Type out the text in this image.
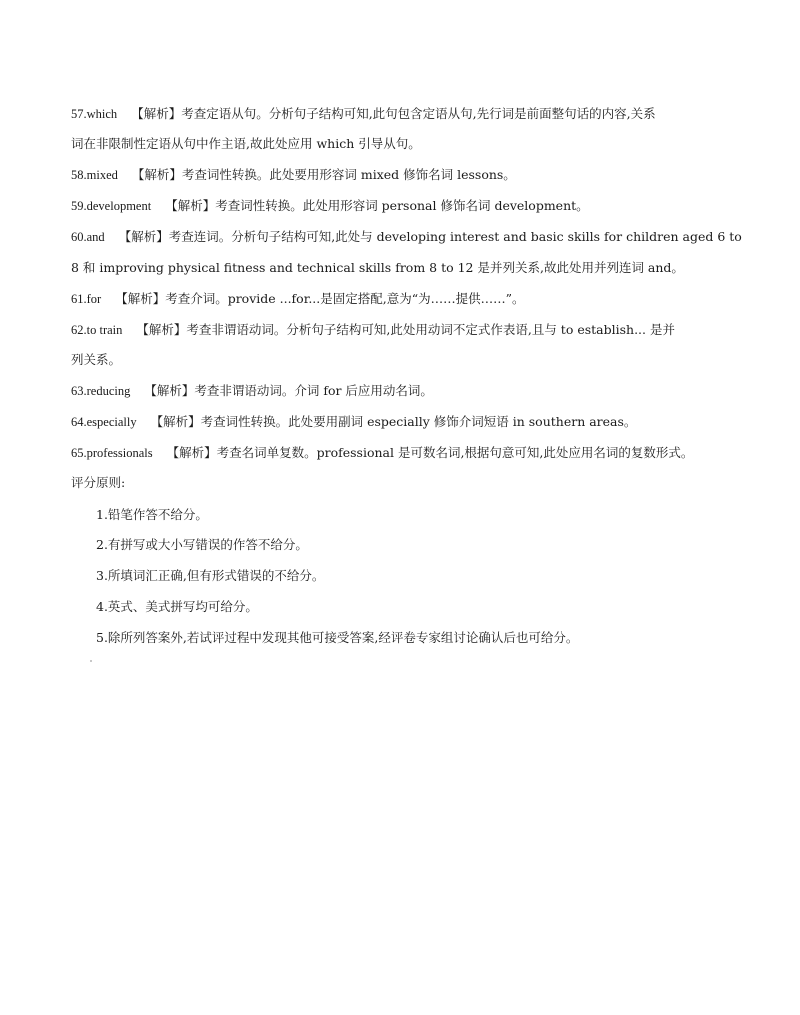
57.which 【解析】考查定语从句。分析句子结构可知,此句包含定语从句,先行词是前面整句话的内容,关系
词在非限制性定语从句中作主语,故此处应用 which 引导从句。
58.mixed 【解析】考查词性转换。此处要用形容词 mixed 修饰名词 lessons。
59.development 【解析】考查词性转换。此处用形容词 personal 修饰名词 development。
60.and 【解析】考查连词。分析句子结构可知,此处与 developing interest and basic skills for children aged 6 to
8 和 improving physical fitness and technical skills from 8 to 12 是并列关系,故此处用并列连词 and。
61.for 【解析】考查介词。provide ...for...是固定搭配,意为“为……提供……”。
62.to train 【解析】考查非谓语动词。分析句子结构可知,此处用动词不定式作表语,且与 to establish... 是并
列关系。
63.reducing 【解析】考查非谓语动词。介词 for 后应用动名词。
64.especially 【解析】考查词性转换。此处要用副词 especially 修饰介词短语 in southern areas。
65.professionals 【解析】考查名词单复数。professional 是可数名词,根据句意可知,此处应用名词的复数形式。
评分原则:
1.铅笔作答不给分。
2.有拼写或大小写错误的作答不给分。
3.所填词汇正确,但有形式错误的不给分。
4.英式、美式拼写均可给分。
5.除所列答案外,若试评过程中发现其他可接受答案,经评卷专家组讨论确认后也可给分。
